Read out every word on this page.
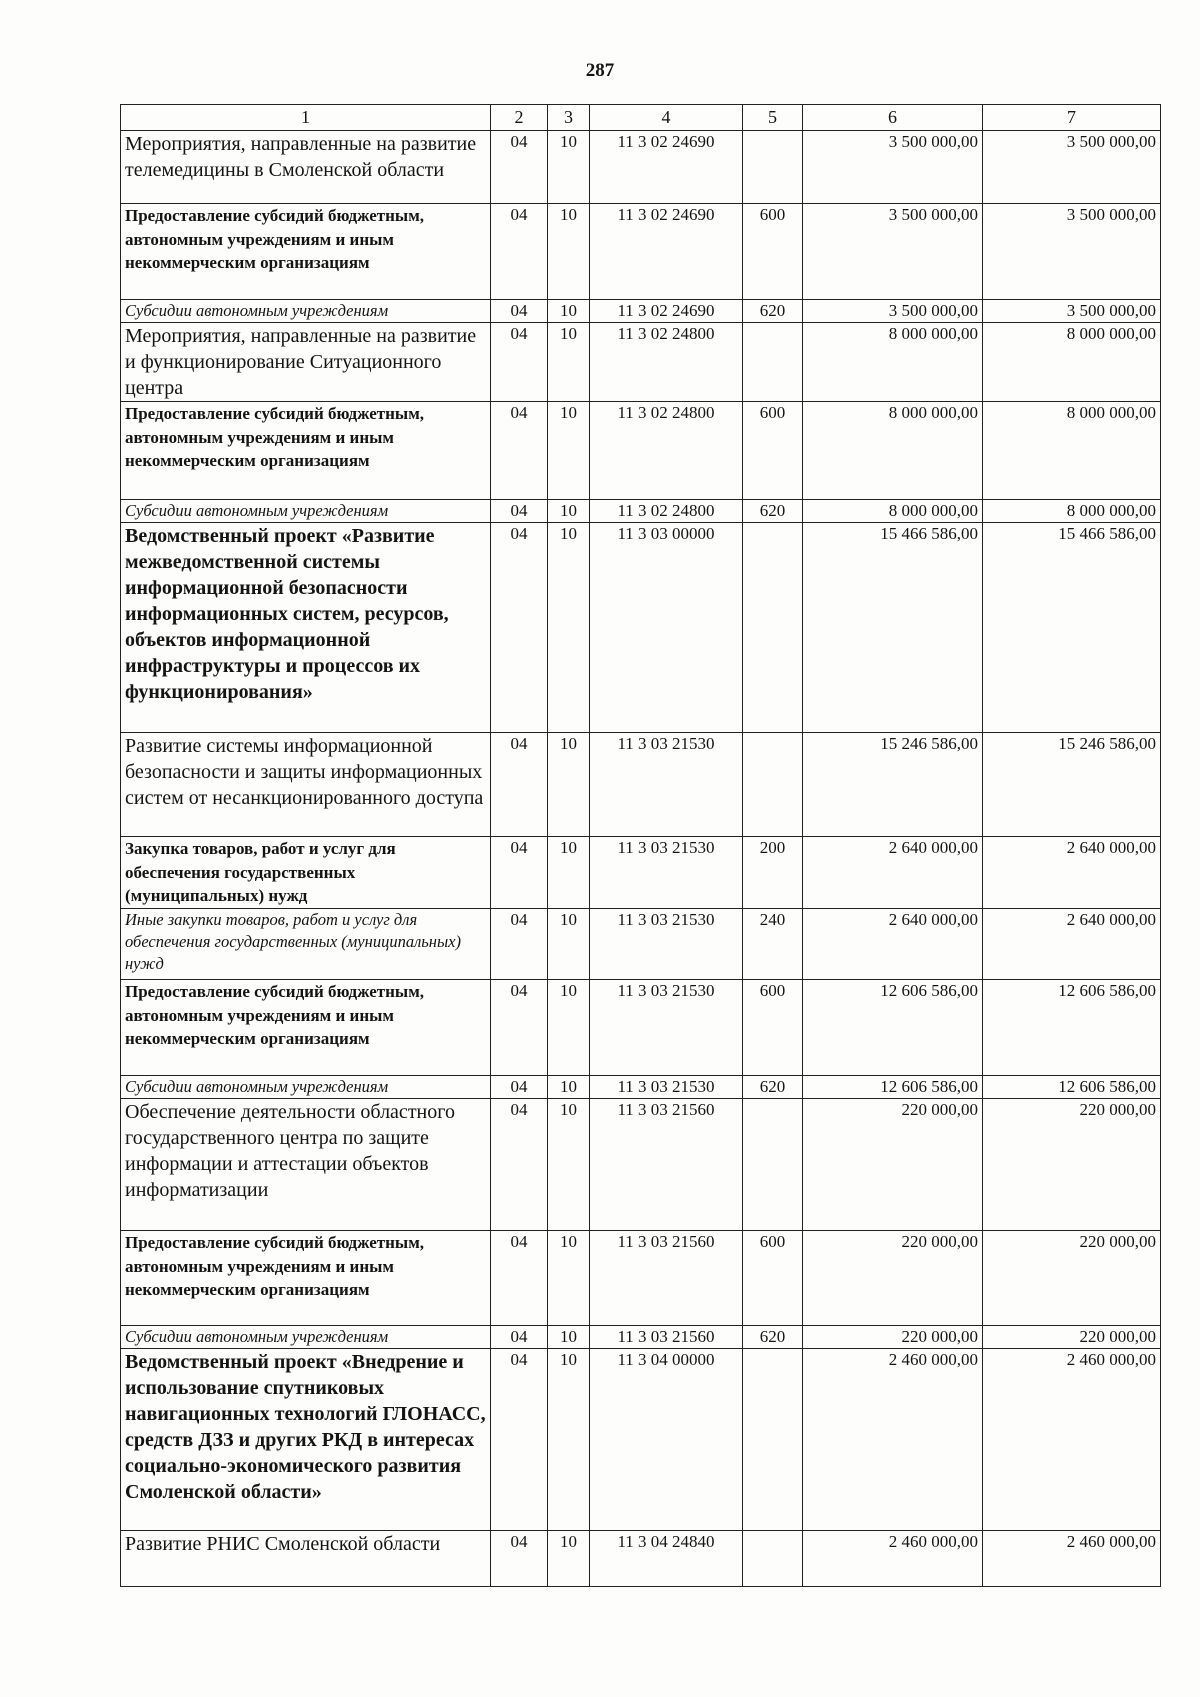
287
1	2	3	4	5	6	7
Мероприятия, направленные на развитие телемедицины в Смоленской области	04	10	11 3 02 24690		3 500 000,00	3 500 000,00
Предоставление субсидий бюджетным, автономным учреждениям и иным некоммерческим организациям	04	10	11 3 02 24690	600	3 500 000,00	3 500 000,00
Субсидии автономным учреждениям	04	10	11 3 02 24690	620	3 500 000,00	3 500 000,00
Мероприятия, направленные на развитие и функционирование Ситуационного центра	04	10	11 3 02 24800		8 000 000,00	8 000 000,00
Предоставление субсидий бюджетным, автономным учреждениям и иным некоммерческим организациям	04	10	11 3 02 24800	600	8 000 000,00	8 000 000,00
Субсидии автономным учреждениям	04	10	11 3 02 24800	620	8 000 000,00	8 000 000,00
Ведомственный проект «Развитие межведомственной системы информационной безопасности информационных систем, ресурсов, объектов информационной инфраструктуры и процессов их функционирования»	04	10	11 3 03 00000		15 466 586,00	15 466 586,00
Развитие системы информационной безопасности и защиты информационных систем от несанкционированного доступа	04	10	11 3 03 21530		15 246 586,00	15 246 586,00
Закупка товаров, работ и услуг для обеспечения государственных (муниципальных) нужд	04	10	11 3 03 21530	200	2 640 000,00	2 640 000,00
Иные закупки товаров, работ и услуг для обеспечения государственных (муниципальных) нужд	04	10	11 3 03 21530	240	2 640 000,00	2 640 000,00
Предоставление субсидий бюджетным, автономным учреждениям и иным некоммерческим организациям	04	10	11 3 03 21530	600	12 606 586,00	12 606 586,00
Субсидии автономным учреждениям	04	10	11 3 03 21530	620	12 606 586,00	12 606 586,00
Обеспечение деятельности областного государственного центра по защите информации и аттестации объектов информатизации	04	10	11 3 03 21560		220 000,00	220 000,00
Предоставление субсидий бюджетным, автономным учреждениям и иным некоммерческим организациям	04	10	11 3 03 21560	600	220 000,00	220 000,00
Субсидии автономным учреждениям	04	10	11 3 03 21560	620	220 000,00	220 000,00
Ведомственный проект «Внедрение и использование спутниковых навигационных технологий ГЛОНАСС, средств ДЗЗ и других РКД в интересах социально-экономического развития Смоленской области»	04	10	11 3 04 00000		2 460 000,00	2 460 000,00
Развитие РНИС Смоленской области	04	10	11 3 04 24840		2 460 000,00	2 460 000,00
